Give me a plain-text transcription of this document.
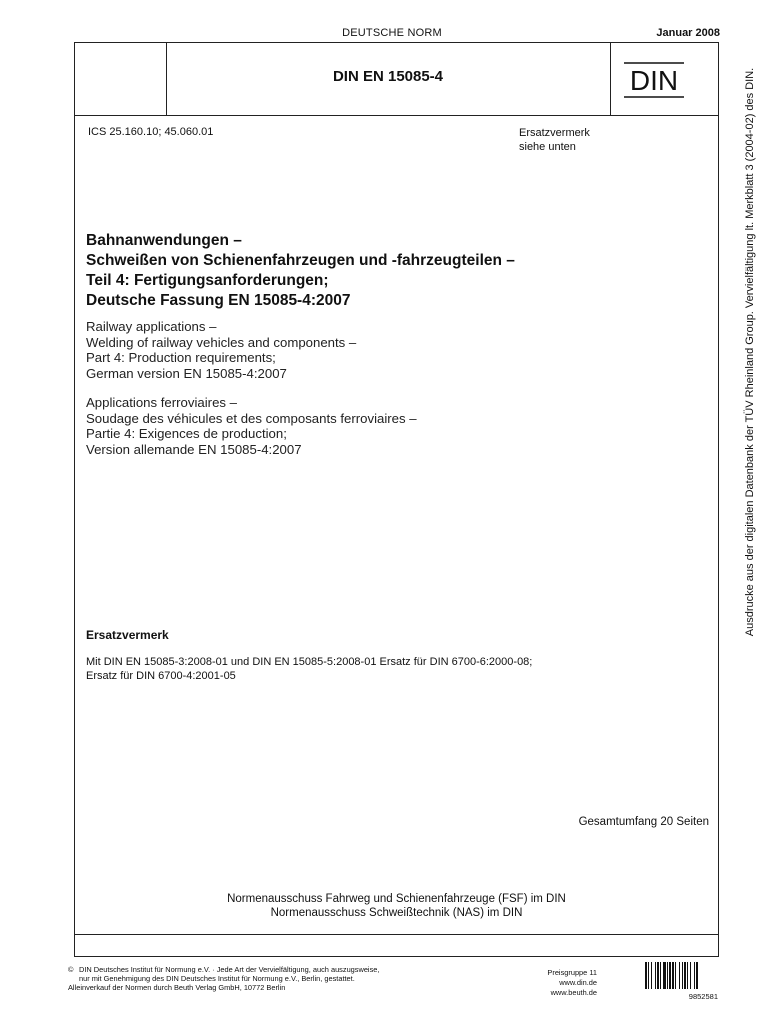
DEUTSCHE NORM	Januar 2008
DIN EN 15085-4	DIN
ICS 25.160.10; 45.060.01	Ersatzvermerk
siehe unten
Bahnanwendungen –
Schweißen von Schienenfahrzeugen und -fahrzeugteilen –
Teil 4: Fertigungsanforderungen;
Deutsche Fassung EN 15085-4:2007
Railway applications –
Welding of railway vehicles and components –
Part 4: Production requirements;
German version EN 15085-4:2007
Applications ferroviaires –
Soudage des véhicules et des composants ferroviaires –
Partie 4: Exigences de production;
Version allemande EN 15085-4:2007
Ersatzvermerk
Mit DIN EN 15085-3:2008-01 und DIN EN 15085-5:2008-01 Ersatz für DIN 6700-6:2000-08;
Ersatz für DIN 6700-4:2001-05
Gesamtumfang 20 Seiten
Normenausschuss Fahrweg und Schienenfahrzeuge (FSF) im DIN
Normenausschuss Schweißtechnik (NAS) im DIN
© DIN Deutsches Institut für Normung e.V. · Jede Art der Vervielfältigung, auch auszugsweise,
nur mit Genehmigung des DIN Deutsches Institut für Normung e.V., Berlin, gestattet.
Alleinverkauf der Normen durch Beuth Verlag GmbH, 10772 Berlin
Preisgruppe 11
www.din.de
www.beuth.de	9852581
Ausdrucke aus der digitalen Datenbank der TÜV Rheinland Group. Vervielfältigung lt. Merkblatt 3 (2004-02) des DIN.
